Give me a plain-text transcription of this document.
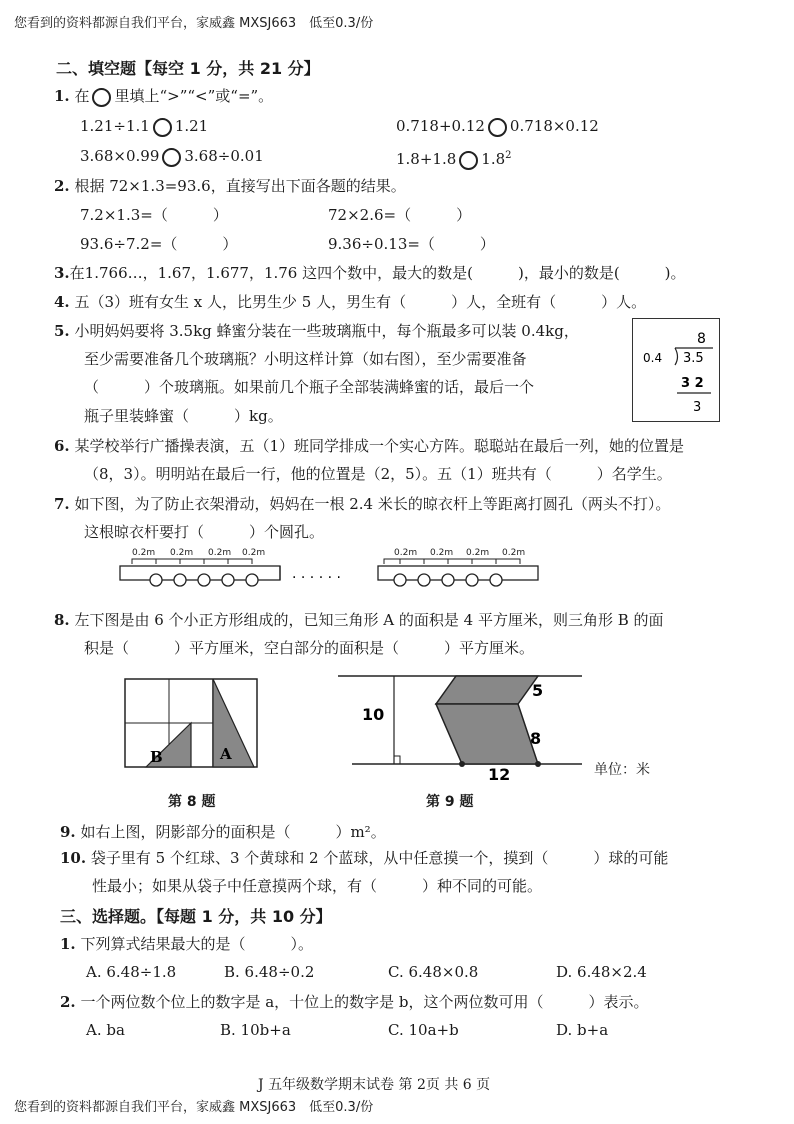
您看到的资料都源自我们平台，家威鑫 MXSJ663　低至0.3/份
二、填空题【每空 1 分，共 21 分】
1. 在 里填上“>”“<”或“=”。
1.21÷1.1 1.21	0.718+0.12 0.718×0.12
3.68×0.99 3.68÷0.01	1.8+1.8 $1.8^2$
2. 根据 72×1.3=93.6，直接写出下面各题的结果。
7.2×1.3=（　　　）	72×2.6=（　　　）
93.6÷7.2=（　　　）	9.36÷0.13=（　　　）
3.在1.766…，1.67，1.677，1.76 这四个数中，最大的数是(　　　)，最小的数是(　　　)。
4. 五（3）班有女生 x 人，比男生少 5 人，男生有（　　　）人，全班有（　　　）人。
5. 小明妈妈要将 3.5kg 蜂蜜分装在一些玻璃瓶中，每个瓶最多可以装 0.4kg，
至少需要准备几个玻璃瓶？小明这样计算（如右图），至少需要准备
（　　　）个玻璃瓶。如果前几个瓶子全部装满蜂蜜的话，最后一个
瓶子里装蜂蜜（　　　）kg。
8
0.4 3.5
3 2
3
6. 某学校举行广播操表演，五（1）班同学排成一个实心方阵。聪聪站在最后一列，她的位置是
（8，3）。明明站在最后一行，他的位置是（2，5）。五（1）班共有（　　　）名学生。
7. 如下图，为了防止衣架滑动，妈妈在一根 2.4 米长的晾衣杆上等距离打圆孔（两头不打）。
这根晾衣杆要打（　　　）个圆孔。
0.2m 0.2m 0.2m 0.2m	0.2m 0.2m 0.2m 0.2m
· · · · · ·
8. 左下图是由 6 个小正方形组成的，已知三角形 A 的面积是 4 平方厘米，则三角形 B 的面
积是（　　　）平方厘米，空白部分的面积是（　　　）平方厘米。
B	A
第 8 题
10
5
8
12	单位：米
第 9 题
9. 如右上图，阴影部分的面积是（　　　）m²。
10. 袋子里有 5 个红球、3 个黄球和 2 个蓝球，从中任意摸一个，摸到（　　　）球的可能
性最小；如果从袋子中任意摸两个球，有（　　　）种不同的可能。
三、选择题。【每题 1 分，共 10 分】
1. 下列算式结果最大的是（　　　）。
A. 6.48÷1.8	B. 6.48÷0.2	C. 6.48×0.8	D. 6.48×2.4
2. 一个两位数个位上的数字是 a，十位上的数字是 b，这个两位数可用（　　　）表示。
A. ba	B. 10b+a	C. 10a+b	D. b+a
J 五年级数学期末试卷 第 2页 共 6 页
您看到的资料都源自我们平台，家威鑫 MXSJ663　低至0.3/份
